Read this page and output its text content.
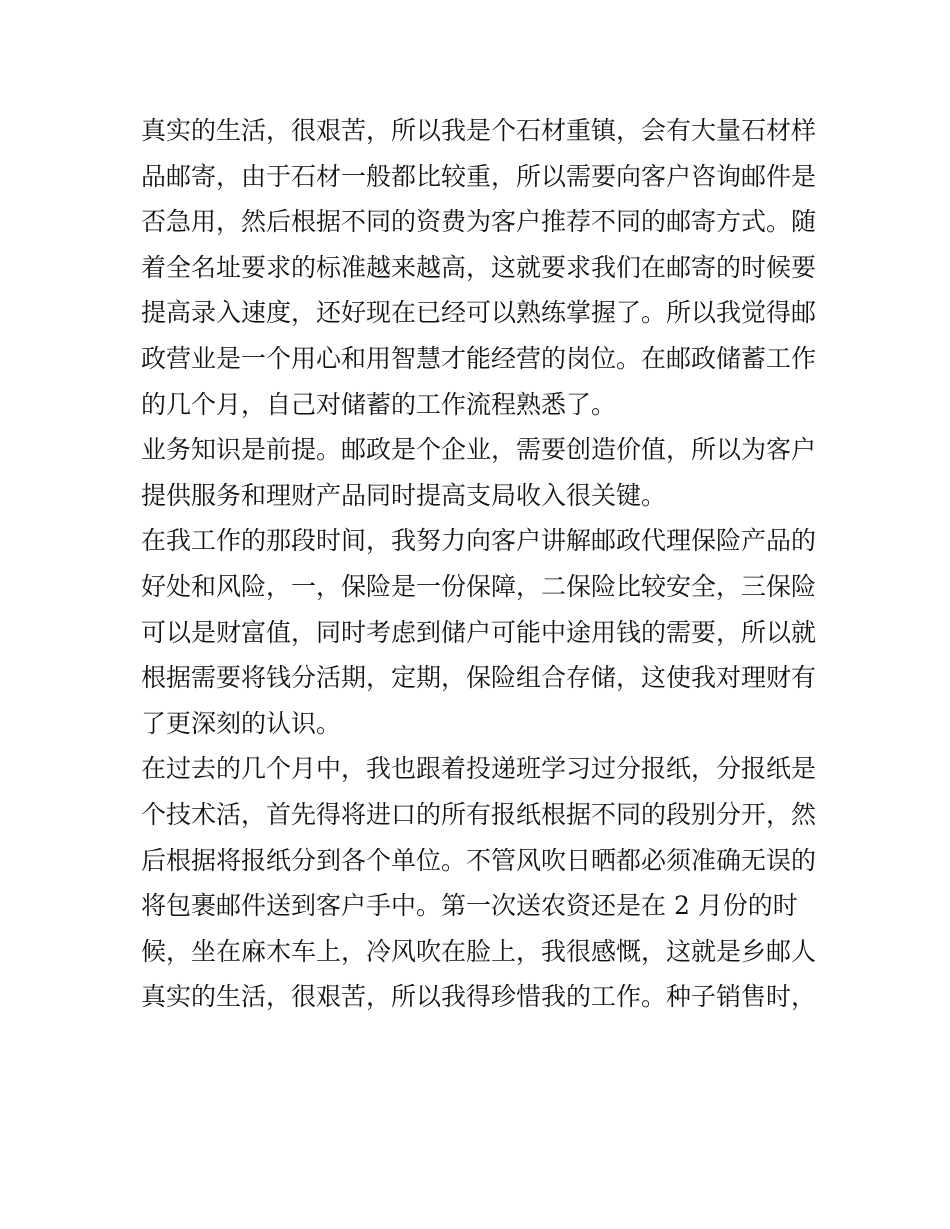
真实的生活，很艰苦，所以我是个石材重镇，会有大量石材样
品邮寄，由于石材一般都比较重，所以需要向客户咨询邮件是
否急用，然后根据不同的资费为客户推荐不同的邮寄方式。随
着全名址要求的标准越来越高，这就要求我们在邮寄的时候要
提高录入速度，还好现在已经可以熟练掌握了。所以我觉得邮
政营业是一个用心和用智慧才能经营的岗位。在邮政储蓄工作
的几个月，自己对储蓄的工作流程熟悉了。
业务知识是前提。邮政是个企业，需要创造价值，所以为客户
提供服务和理财产品同时提高支局收入很关键。
在我工作的那段时间，我努力向客户讲解邮政代理保险产品的
好处和风险，一，保险是一份保障，二保险比较安全，三保险
可以是财富值，同时考虑到储户可能中途用钱的需要，所以就
根据需要将钱分活期，定期，保险组合存储，这使我对理财有
了更深刻的认识。
在过去的几个月中，我也跟着投递班学习过分报纸，分报纸是
个技术活，首先得将进口的所有报纸根据不同的段别分开，然
后根据将报纸分到各个单位。不管风吹日晒都必须准确无误的
将包裹邮件送到客户手中。第一次送农资还是在 2 月份的时
候，坐在麻木车上，冷风吹在脸上，我很感慨，这就是乡邮人
真实的生活，很艰苦，所以我得珍惜我的工作。种子销售时，
